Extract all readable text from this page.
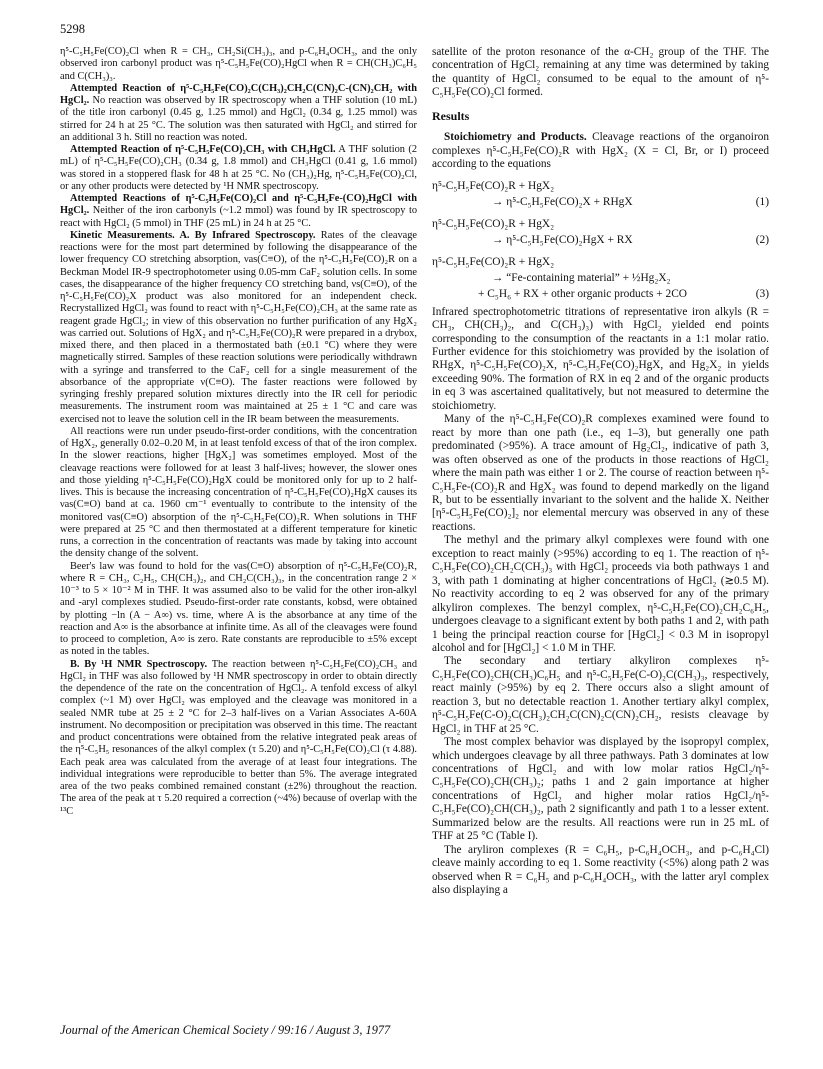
5298

η⁵-C₅H₅Fe(CO)₂Cl when R = CH₃, CH₂Si(CH₃)₃, and p-C₆H₄OCH₃, and the only observed iron carbonyl product was η⁵-C₅H₅Fe(CO)₂HgCl when R = CH(CH₃)C₆H₅ and C(CH₃)₃.

Attempted Reaction of η⁵-C₅H₅Fe(CO)₂C(CH₃)₂CH₂C(CN)₂C-(CN)₂CH₂ with HgCl₂. No reaction was observed by IR spectroscopy when a THF solution (10 mL) of the title iron carbonyl (0.45 g, 1.25 mmol) and HgCl₂ (0.34 g, 1.25 mmol) was stirred for 24 h at 25 °C. The solution was then saturated with HgCl₂ and stirred for an additional 3 h. Still no reaction was noted.

Attempted Reaction of η⁵-C₅H₅Fe(CO)₂CH₃ with CH₃HgCl. A THF solution (2 mL) of η⁵-C₅H₅Fe(CO)₂CH₃ (0.34 g, 1.8 mmol) and CH₃HgCl (0.41 g, 1.6 mmol) was stored in a stoppered flask for 48 h at 25 °C. No (CH₃)₂Hg, η⁵-C₅H₅Fe(CO)₂Cl, or any other products were detected by ¹H NMR spectroscopy.

Attempted Reactions of η⁵-C₅H₅Fe(CO)₂Cl and η⁵-C₅H₅Fe-(CO)₂HgCl with HgCl₂. Neither of the iron carbonyls (~1.2 mmol) was found by IR spectroscopy to react with HgCl₂ (5 mmol) in THF (25 mL) in 24 h at 25 °C.

Kinetic Measurements. A. By Infrared Spectroscopy. Rates of the cleavage reactions were for the most part determined by following the disappearance of the lower frequency CO stretching absorption, νas(C≡O), of the η⁵-C₅H₅Fe(CO)₂R on a Beckman Model IR-9 spectrophotometer using 0.05-mm CaF₂ solution cells. In some cases, the disappearance of the higher frequency CO stretching band, νs(C≡O), of the η⁵-C₅H₅Fe(CO)₂X product was also monitored for an independent check. Recrystallized HgCl₂ was found to react with η⁵-C₅H₅Fe(CO)₂CH₃ at the same rate as reagent grade HgCl₂; in view of this observation no further purification of any HgX₂ was carried out. Solutions of HgX₂ and η⁵-C₅H₅Fe(CO)₂R were prepared in a drybox, mixed there, and then placed in a thermostated bath (±0.1 °C) where they were magnetically stirred. Samples of these reaction solutions were periodically withdrawn with a syringe and transferred to the CaF₂ cell for a single measurement of the absorbance of the appropriate ν(C≡O). The faster reactions were followed by syringing freshly prepared solution mixtures directly into the IR cell for periodic measurements. The instrument room was maintained at 25 ± 1 °C and care was exercised not to leave the solution cell in the IR beam between the measurements.

All reactions were run under pseudo-first-order conditions, with the concentration of HgX₂, generally 0.02–0.20 M, in at least tenfold excess of that of the iron complex. In the slower reactions, higher [HgX₂] was sometimes employed. Most of the cleavage reactions were followed for at least 3 half-lives; however, the slower ones and those yielding η⁵-C₅H₅Fe(CO)₂HgX could be monitored only for up to 2 half-lives. This is because the increasing concentration of η⁵-C₅H₅Fe(CO)₂HgX causes its νas(C≡O) band at ca. 1960 cm⁻¹ eventually to contribute to the intensity of the monitored νas(C≡O) absorption of the η⁵-C₅H₅Fe(CO)₂R. When solutions in THF were prepared at 25 °C and then thermostated at a different temperature for kinetic runs, a correction in the concentration of reactants was made by taking into account the density change of the solvent.

Beer's law was found to hold for the νas(C≡O) absorption of η⁵-C₅H₅Fe(CO)₂R, where R = CH₃, C₂H₅, CH(CH₃)₂, and CH₂C(CH₃)₃, in the concentration range 2 × 10⁻³ to 5 × 10⁻² M in THF. It was assumed also to be valid for the other iron-alkyl and -aryl complexes studied. Pseudo-first-order rate constants, kobsd, were obtained by plotting −ln (A − A∞) vs. time, where A is the absorbance at any time of the reaction and A∞ is the absorbance at infinite time. As all of the cleavages were found to proceed to completion, A∞ is zero. Rate constants are reproducible to ±5% except as noted in the tables.

B. By ¹H NMR Spectroscopy. The reaction between η⁵-C₅H₅Fe(CO)₂CH₃ and HgCl₂ in THF was also followed by ¹H NMR spectroscopy in order to obtain directly the dependence of the rate on the concentration of HgCl₂. A tenfold excess of alkyl complex (~1 M) over HgCl₂ was employed and the cleavage was monitored in a sealed NMR tube at 25 ± 2 °C for 2–3 half-lives on a Varian Associates A-60A instrument. No decomposition or precipitation was observed in this time. The reactant and product concentrations were obtained from the relative integrated peak areas of the η⁵-C₅H₅ resonances of the alkyl complex (τ 5.20) and η⁵-C₅H₅Fe(CO)₂Cl (τ 4.88). Each peak area was calculated from the average of at least four integrations. The individual integrations were reproducible to better than 5%. The average integrated area of the two peaks combined remained constant (±2%) throughout the reaction. The area of the peak at τ 5.20 required a correction (~4%) because of overlap with the ¹³C

satellite of the proton resonance of the α-CH₂ group of the THF. The concentration of HgCl₂ remaining at any time was determined by taking the quantity of HgCl₂ consumed to be equal to the amount of η⁵-C₅H₅Fe(CO)₂Cl formed.

Results

Stoichiometry and Products. Cleavage reactions of the organoiron complexes η⁵-C₅H₅Fe(CO)₂R with HgX₂ (X = Cl, Br, or I) proceed according to the equations

η⁵-C₅H₅Fe(CO)₂R + HgX₂
→ η⁵-C₅H₅Fe(CO)₂X + RHgX	(1)
η⁵-C₅H₅Fe(CO)₂R + HgX₂
→ η⁵-C₅H₅Fe(CO)₂HgX + RX	(2)
η⁵-C₅H₅Fe(CO)₂R + HgX₂
→ “Fe-containing material” + ½Hg₂X₂
+ C₅H₆ + RX + other organic products + 2CO	(3)

Infrared spectrophotometric titrations of representative iron alkyls (R = CH₃, CH(CH₃)₂, and C(CH₃)₃) with HgCl₂ yielded end points corresponding to the consumption of the reactants in a 1:1 molar ratio. Further evidence for this stoichiometry was provided by the isolation of RHgX, η⁵-C₅H₅Fe(CO)₂X, η⁵-C₅H₅Fe(CO)₂HgX, and Hg₂X₂ in yields exceeding 90%. The formation of RX in eq 2 and of the organic products in eq 3 was ascertained qualitatively, but not measured to determine the stoichiometry.

Many of the η⁵-C₅H₅Fe(CO)₂R complexes examined were found to react by more than one path (i.e., eq 1–3), but generally one path predominated (>95%). A trace amount of Hg₂Cl₂, indicative of path 3, was often observed as one of the products in those reactions of HgCl₂ where the main path was either 1 or 2. The course of reaction between η⁵-C₅H₅Fe-(CO)₂R and HgX₂ was found to depend markedly on the ligand R, but to be essentially invariant to the solvent and the halide X. Neither [η⁵-C₅H₅Fe(CO)₂]₂ nor elemental mercury was observed in any of these reactions.

The methyl and the primary alkyl complexes were found with one exception to react mainly (>95%) according to eq 1. The reaction of η⁵-C₅H₅Fe(CO)₂CH₂C(CH₃)₃ with HgCl₂ proceeds via both pathways 1 and 3, with path 1 dominating at higher concentrations of HgCl₂ (≳0.5 M). No reactivity according to eq 2 was observed for any of the primary alkyliron complexes. The benzyl complex, η⁵-C₅H₅Fe(CO)₂CH₂C₆H₅, undergoes cleavage to a significant extent by both paths 1 and 2, with path 1 being the principal reaction course for [HgCl₂] < 0.3 M in isopropyl alcohol and for [HgCl₂] < 1.0 M in THF.

The secondary and tertiary alkyliron complexes η⁵-C₅H₅Fe(CO)₂CH(CH₃)C₆H₅ and η⁵-C₅H₅Fe(C-O)₂C(CH₃)₃, respectively, react mainly (>95%) by eq 2. There occurs also a slight amount of reaction 3, but no detectable reaction 1. Another tertiary alkyl complex, η⁵-C₅H₅Fe(C-O)₂C(CH₃)₂CH₂C(CN)₂C(CN)₂CH₂, resists cleavage by HgCl₂ in THF at 25 °C.

The most complex behavior was displayed by the isopropyl complex, which undergoes cleavage by all three pathways. Path 3 dominates at low concentrations of HgCl₂ and with low molar ratios HgCl₂/η⁵-C₅H₅Fe(CO)₂CH(CH₃)₂; paths 1 and 2 gain importance at higher concentrations of HgCl₂ and higher molar ratios HgCl₂/η⁵-C₅H₅Fe(CO)₂CH(CH₃)₂, path 2 significantly and path 1 to a lesser extent. Summarized below are the results. All reactions were run in 25 mL of THF at 25 °C (Table I).

The aryliron complexes (R = C₆H₅, p-C₆H₄OCH₃, and p-C₆H₄Cl) cleave mainly according to eq 1. Some reactivity (<5%) along path 2 was observed when R = C₆H₅ and p-C₆H₄OCH₃, with the latter aryl complex also displaying a

Journal of the American Chemical Society / 99:16 / August 3, 1977
